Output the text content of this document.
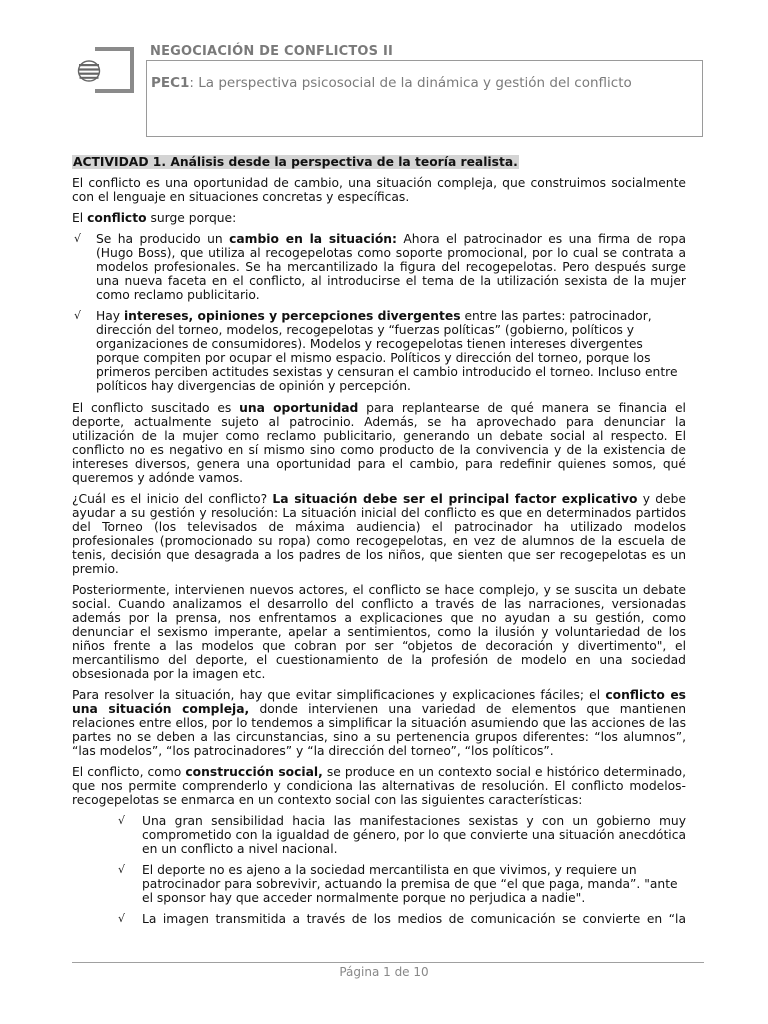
NEGOCIACIÓN DE CONFLICTOS II
PEC1: La perspectiva psicosocial de la dinámica y gestión del conflicto

ACTIVIDAD 1. Análisis desde la perspectiva de la teoría realista.

El conflicto es una oportunidad de cambio, una situación compleja, que construimos socialmente con el lenguaje en situaciones concretas y específicas.

El conflicto surge porque:

√ Se ha producido un cambio en la situación: Ahora el patrocinador es una firma de ropa (Hugo Boss), que utiliza al recogepelotas como soporte promocional, por lo cual se contrata a modelos profesionales. Se ha mercantilizado la figura del recogepelotas. Pero después surge una nueva faceta en el conflicto, al introducirse el tema de la utilización sexista de la mujer como reclamo publicitario.

√ Hay intereses, opiniones y percepciones divergentes entre las partes: patrocinador, dirección del torneo, modelos, recogepelotas y “fuerzas políticas” (gobierno, políticos y organizaciones de consumidores). Modelos y recogepelotas tienen intereses divergentes porque compiten por ocupar el mismo espacio. Políticos y dirección del torneo, porque los primeros perciben actitudes sexistas y censuran el cambio introducido el torneo. Incluso entre políticos hay divergencias de opinión y percepción.

El conflicto suscitado es una oportunidad para replantearse de qué manera se financia el deporte, actualmente sujeto al patrocinio. Además, se ha aprovechado para denunciar la utilización de la mujer como reclamo publicitario, generando un debate social al respecto. El conflicto no es negativo en sí mismo sino como producto de la convivencia y de la existencia de intereses diversos, genera una oportunidad para el cambio, para redefinir quienes somos, qué queremos y adónde vamos.

¿Cuál es el inicio del conflicto? La situación debe ser el principal factor explicativo y debe ayudar a su gestión y resolución: La situación inicial del conflicto es que en determinados partidos del Torneo (los televisados de máxima audiencia) el patrocinador ha utilizado modelos profesionales (promocionado su ropa) como recogepelotas, en vez de alumnos de la escuela de tenis, decisión que desagrada a los padres de los niños, que sienten que ser recogepelotas es un premio.

Posteriormente, intervienen nuevos actores, el conflicto se hace complejo, y se suscita un debate social. Cuando analizamos el desarrollo del conflicto a través de las narraciones, versionadas además por la prensa, nos enfrentamos a explicaciones que no ayudan a su gestión, como denunciar el sexismo imperante, apelar a sentimientos, como la ilusión y voluntariedad de los niños frente a las modelos que cobran por ser “objetos de decoración y divertimento", el mercantilismo del deporte, el cuestionamiento de la profesión de modelo en una sociedad obsesionada por la imagen etc.

Para resolver la situación, hay que evitar simplificaciones y explicaciones fáciles; el conflicto es una situación compleja, donde intervienen una variedad de elementos que mantienen relaciones entre ellos, por lo tendemos a simplificar la situación asumiendo que las acciones de las partes no se deben a las circunstancias, sino a su pertenencia grupos diferentes: “los alumnos”, “las modelos”, “los patrocinadores” y “la dirección del torneo”, “los políticos”.

El conflicto, como construcción social, se produce en un contexto social e histórico determinado, que nos permite comprenderlo y condiciona las alternativas de resolución. El conflicto modelos-recogepelotas se enmarca en un contexto social con las siguientes características:

√ Una gran sensibilidad hacia las manifestaciones sexistas y con un gobierno muy comprometido con la igualdad de género, por lo que convierte una situación anecdótica en un conflicto a nivel nacional.

√ El deporte no es ajeno a la sociedad mercantilista en que vivimos, y requiere un patrocinador para sobrevivir, actuando la premisa de que “el que paga, manda”. "ante el sponsor hay que acceder normalmente porque no perjudica a nadie".

√ La imagen transmitida a través de los medios de comunicación se convierte en “la

Página 1 de 10
